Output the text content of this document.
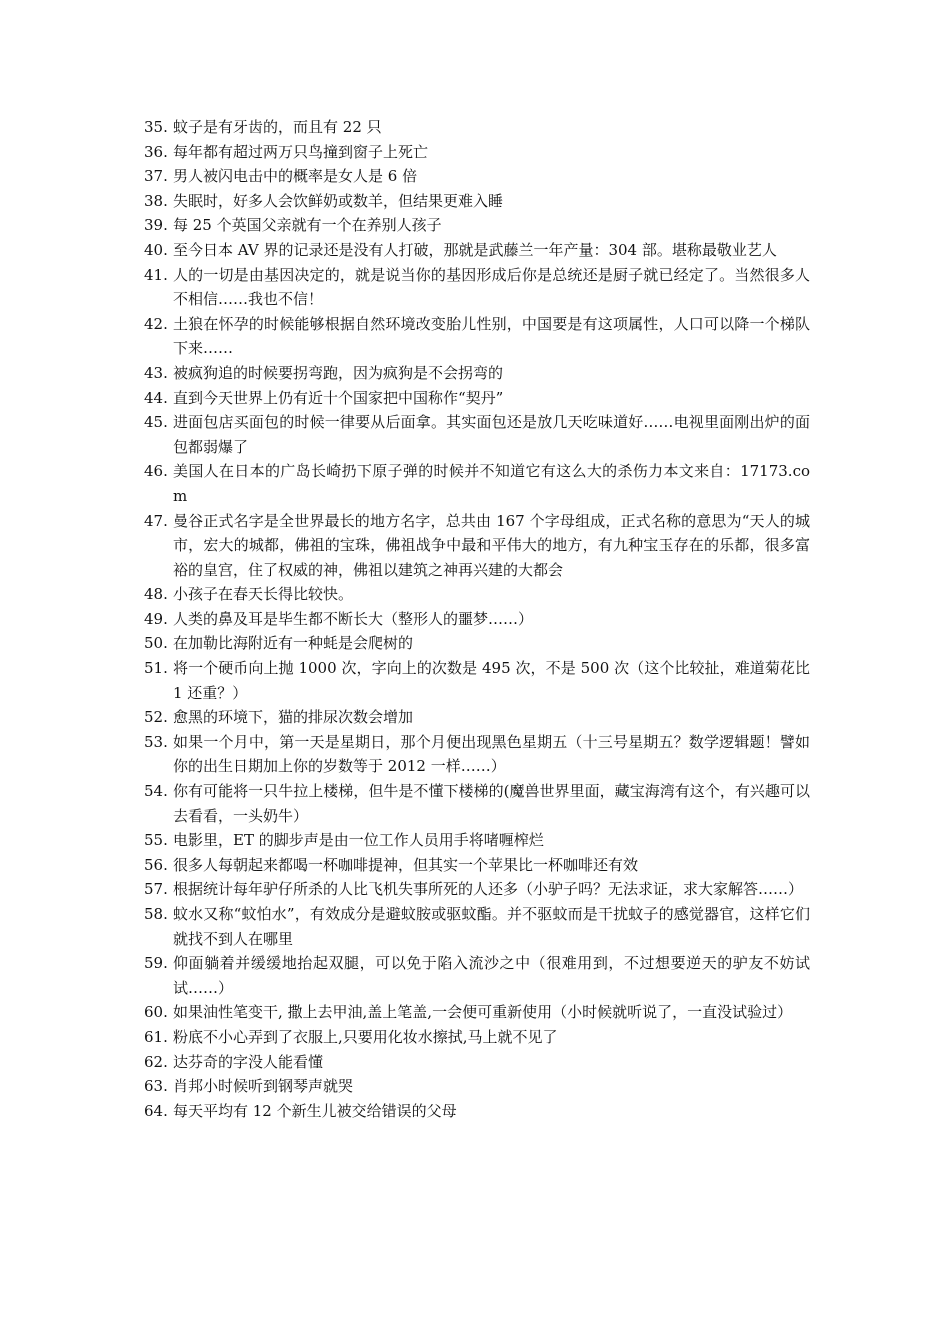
35. 蚊子是有牙齿的，而且有 22 只
36. 每年都有超过两万只鸟撞到窗子上死亡
37. 男人被闪电击中的概率是女人是 6 倍
38. 失眠时，好多人会饮鲜奶或数羊，但结果更难入睡
39. 每 25 个英国父亲就有一个在养别人孩子
40. 至今日本 AV 界的记录还是没有人打破，那就是武藤兰一年产量：304 部。堪称最敬业艺人
41. 人的一切是由基因决定的，就是说当你的基因形成后你是总统还是厨子就已经定了。当然很多人不相信……我也不信！
42. 土狼在怀孕的时候能够根据自然环境改变胎儿性别，中国要是有这项属性，人口可以降一个梯队下来……
43. 被疯狗追的时候要拐弯跑，因为疯狗是不会拐弯的
44. 直到今天世界上仍有近十个国家把中国称作“契丹”
45. 进面包店买面包的时候一律要从后面拿。其实面包还是放几天吃味道好……电视里面刚出炉的面包都弱爆了
46. 美国人在日本的广岛长崎扔下原子弹的时候并不知道它有这么大的杀伤力本文来自：17173.com
47. 曼谷正式名字是全世界最长的地方名字，总共由 167 个字母组成，正式名称的意思为“天人的城市，宏大的城都，佛祖的宝珠，佛祖战争中最和平伟大的地方，有九种宝玉存在的乐都，很多富裕的皇宫，住了权威的神，佛祖以建筑之神再兴建的大都会
48. 小孩子在春天长得比较快。
49. 人类的鼻及耳是毕生都不断长大（整形人的噩梦……）
50. 在加勒比海附近有一种蚝是会爬树的
51. 将一个硬币向上抛 1000 次，字向上的次数是 495 次，不是 500 次（这个比较扯，难道菊花比 1 还重？）
52. 愈黑的环境下，猫的排尿次数会增加
53. 如果一个月中，第一天是星期日，那个月便出现黑色星期五（十三号星期五？数学逻辑题！譬如你的出生日期加上你的岁数等于 2012 一样……）
54. 你有可能将一只牛拉上楼梯，但牛是不懂下楼梯的(魔兽世界里面，藏宝海湾有这个，有兴趣可以去看看，一头奶牛）
55. 电影里，ET 的脚步声是由一位工作人员用手将啫喱榨烂
56. 很多人每朝起来都喝一杯咖啡提神，但其实一个苹果比一杯咖啡还有效
57. 根据统计每年驴仔所杀的人比飞机失事所死的人还多（小驴子吗？无法求证，求大家解答……）
58. 蚊水又称“蚊怕水”，有效成分是避蚊胺或驱蚊酯。并不驱蚊而是干扰蚊子的感觉器官，这样它们就找不到人在哪里
59. 仰面躺着并缓缓地抬起双腿，可以免于陷入流沙之中（很难用到，不过想要逆天的驴友不妨试试……）
60. 如果油性笔变干, 撒上去甲油,盖上笔盖,一会便可重新使用（小时候就听说了，一直没试验过）
61. 粉底不小心弄到了衣服上,只要用化妆水擦拭,马上就不见了
62. 达芬奇的字没人能看懂
63. 肖邦小时候听到钢琴声就哭
64. 每天平均有 12 个新生儿被交给错误的父母
